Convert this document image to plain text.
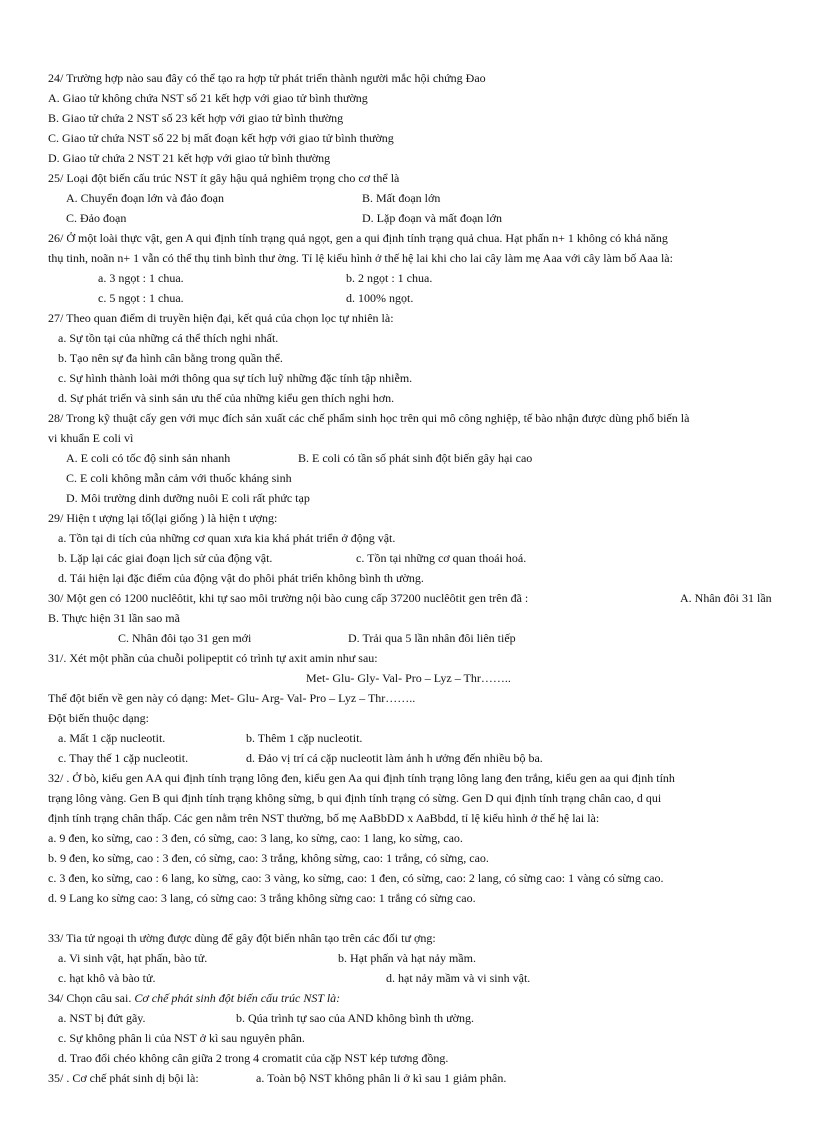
24/ Trường hợp nào sau đây có thể tạo ra hợp tử phát triển thành người mắc hội chứng Đao
A. Giao tử không chứa NST số 21 kết hợp với giao tử bình thường
B. Giao tử chứa 2 NST số 23 kết hợp với giao tử bình thường
C. Giao tử chứa NST số 22 bị mất đoạn kết hợp với giao tử bình thường
D. Giao tử chứa 2 NST 21 kết hợp với giao tử bình thường
25/ Loại đột biến cấu trúc NST ít gây hậu quả nghiêm trọng cho cơ thể là
A. Chuyển đoạn lớn và đảo đoạn	B. Mất đoạn lớn
C. Đảo đoạn	D. Lặp đoạn và mất đoạn lớn
26/ Ở một loài thực vật, gen A qui định tính trạng quả ngọt, gen a qui định tính trạng quả chua. Hạt phấn n+ 1 không có khả năng
thụ tinh, noãn n+ 1 vẫn có thể thụ tinh bình thư ờng. Tỉ lệ kiểu hình ở thế hệ lai khi cho lai cây làm mẹ Aaa với cây làm bố Aaa là:
a. 3 ngọt : 1 chua.	b. 2 ngọt : 1 chua.
c. 5 ngọt : 1 chua.	d. 100% ngọt.
27/ Theo quan điểm di truyền hiện đại, kết quả của chọn lọc tự nhiên là:
a. Sự tồn tại của những cá thể thích nghi nhất.
b. Tạo nên sự đa hình cân bằng trong quần thể.
c. Sự hình thành loài mới thông qua sự tích luỹ những đặc tính tập nhiễm.
d. Sự phát triển và sinh sản ưu thế của những kiểu gen thích nghi hơn.
28/ Trong kỹ thuật cấy gen với mục đích sản xuất các chế phẩm sinh học trên qui mô công nghiệp, tế bào nhận được dùng phổ biến là
vi khuẩn E coli vì
A. E coli có tốc độ sinh sản nhanh	B. E coli có tần số phát sinh đột biến gây hại cao
C. E coli không mẫn cảm với thuốc kháng sinh
D. Môi trường dinh dưỡng nuôi E coli rất phức tạp
29/ Hiện t ượng lại tổ(lại giống ) là hiện t ượng:
a. Tồn tại di tích của những cơ quan xưa kia khá phát triển ở động vật.
b. Lặp lại các giai đoạn lịch sử của động vật.	c. Tồn tại những cơ quan thoái hoá.
d. Tái hiện lại đặc điểm của động vật do phôi phát triển không bình th ường.
30/ Một gen có 1200 nuclêôtit, khi tự sao môi trường nội bào cung cấp 37200 nuclêôtit gen trên đã :	A. Nhân đôi 31 lần
B. Thực hiện 31 lần sao mã
C. Nhân đôi tạo 31 gen mới	D. Trải qua 5 lần nhân đôi liên tiếp
31/. Xét một phần của chuỗi polipeptit có trình tự axit amin như sau:
Met- Glu- Gly- Val- Pro – Lyz – Thr……..
Thể đột biến về gen này có dạng: Met- Glu- Arg- Val- Pro – Lyz – Thr……..
Đột biến thuộc dạng:
a. Mất 1 cặp nucleotit.	b. Thêm 1 cặp nucleotit.
c. Thay thế 1 cặp nucleotit.	d. Đảo vị trí cá cặp nucleotit làm ảnh h ưởng đến nhiều bộ ba.
32/ . Ở bò, kiểu gen AA qui định tính trạng lông đen, kiểu gen Aa qui định tính trạng lông lang đen trắng, kiểu gen aa qui định tính
trạng lông vàng. Gen B qui định tính trạng không sừng, b qui định tính trạng có sừng. Gen D qui định tính trạng chân cao, d qui
định tính trạng chân thấp. Các gen nằm trên NST thường, bố mẹ AaBbDD x AaBbdd, tỉ lệ kiểu hình ở thế hệ lai là:
a. 9 đen, ko sừng, cao : 3 đen, có sừng, cao: 3 lang, ko sừng, cao: 1 lang, ko sừng, cao.
b. 9 đen, ko sừng, cao : 3 đen, có sừng, cao: 3 trắng, không sừng, cao: 1 trắng, có sừng, cao.
c. 3 đen, ko sừng, cao : 6 lang, ko sừng, cao: 3 vàng, ko sừng, cao: 1 đen, có sừng, cao: 2 lang, có sừng cao: 1 vàng có sừng cao.
d. 9 Lang ko sừng cao: 3 lang, có sừng cao: 3 trắng không sừng cao: 1 trắng có sừng cao.
33/ Tia tử ngoại th ường được dùng để gây đột biến nhân tạo trên các đối tư ợng:
a. Vi sinh vật, hạt phấn, bào tử.	b. Hạt phấn và hạt nảy mầm.
c. hạt khô và bào tử.	d. hạt nảy mầm và vi sinh vật.
34/ Chọn câu sai. Cơ chế phát sinh đột biến cấu trúc NST là:
a. NST bị đứt gãy.	b. Qúa trình tự sao của AND không bình th ường.
c. Sự không phân li của NST ở kì sau nguyên phân.
d. Trao đổi chéo không cân giữa 2 trong 4 cromatit của cặp NST kép tương đồng.
35/ . Cơ chế phát sinh dị bội là:	a. Toàn bộ NST không phân li ở kì sau 1 giảm phân.
